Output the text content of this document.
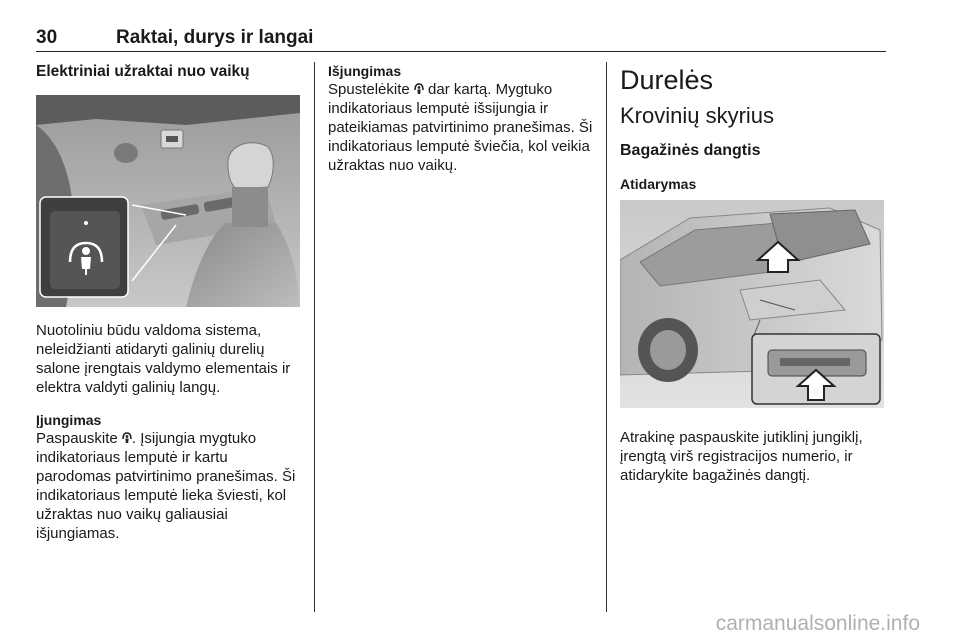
30	Raktai, durys ir langai
Elektriniai užraktai nuo vaikų

Nuotoliniu būdu valdoma sistema, neleidžianti atidaryti galinių durelių salone įrengtais valdymo elementais ir elektra valdyti galinių langų.

Įjungimas

Paspauskite . Įsijungia mygtuko indikatoriaus lemputė ir kartu parodomas patvirtinimo pranešimas. Ši indikatoriaus lemputė lieka šviesti, kol užraktas nuo vaikų galiausiai išjungiamas.

Išjungimas

Spustelėkite  dar kartą. Mygtuko indikatoriaus lemputė išsijungia ir pateikiamas patvirtinimo pranešimas. Ši indikatoriaus lemputė šviečia, kol veikia užraktas nuo vaikų.

Durelės
Krovinių skyrius
Bagažinės dangtis
Atidarymas

Atrakinę paspauskite jutiklinį jungiklį, įrengtą virš registracijos numerio, ir atidarykite bagažinės dangtį.

carmanualsonline.info
